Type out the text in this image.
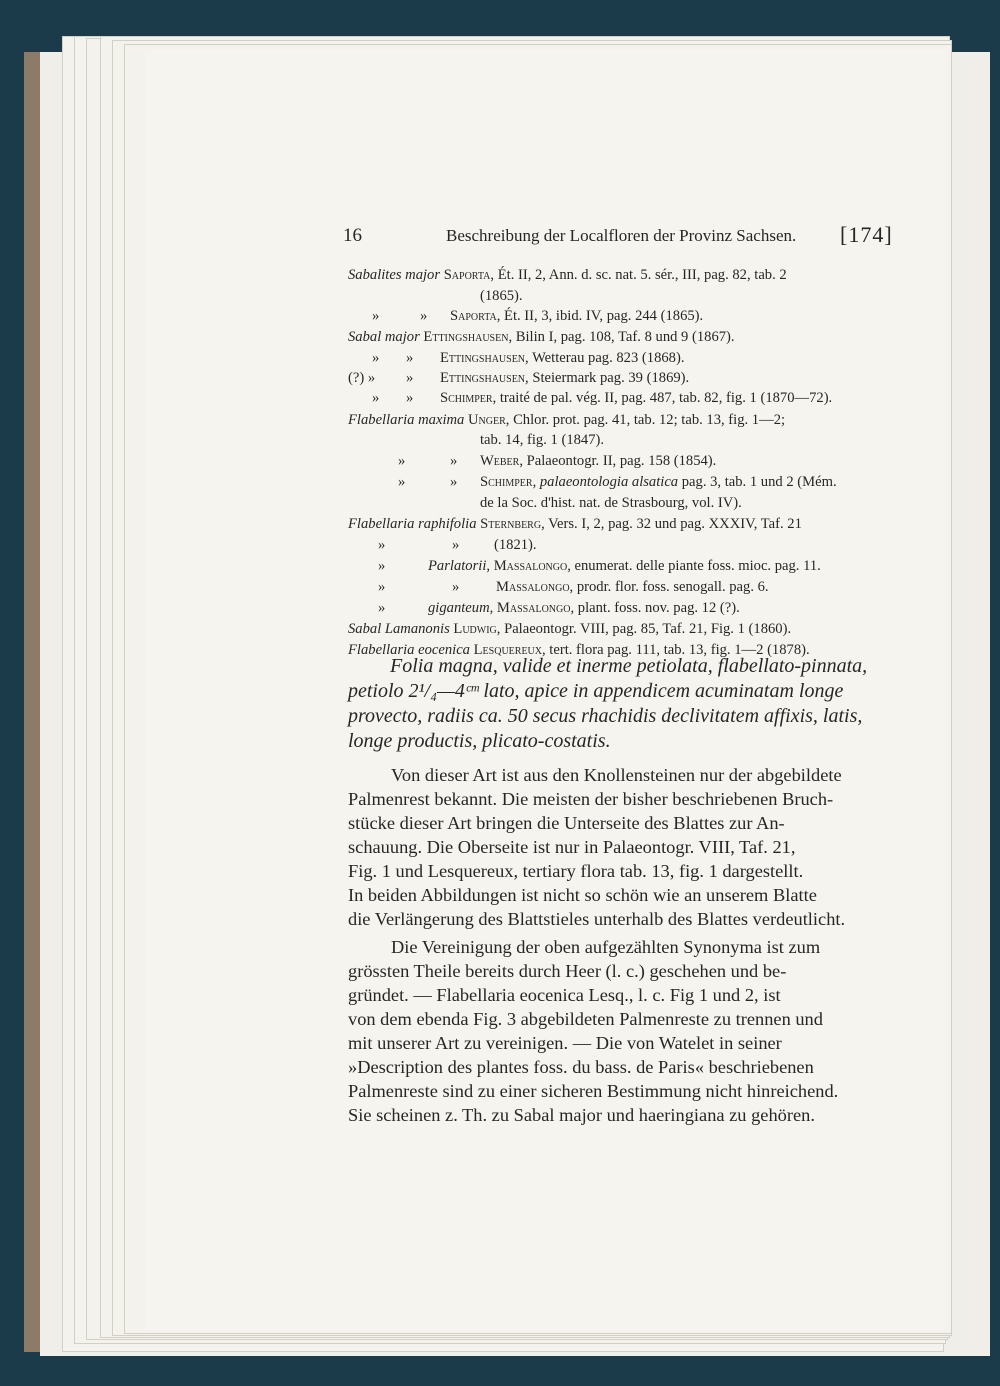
16	Beschreibung der Localfloren der Provinz Sachsen. [174]
Sabalites major Saporta, Ét. II, 2, Ann. d. sc. nat. 5. sér., III, pag. 82, tab. 2
(1865).
»	» Saporta, Ét. II, 3, ibid. IV, pag. 244 (1865).
Sabal major Ettingshausen, Bilin I, pag. 108, Taf. 8 und 9 (1867).
» » Ettingshausen, Wetterau pag. 823 (1868).
(?) » » Ettingshausen, Steiermark pag. 39 (1869).
» » Schimper, traité de pal. vég. II, pag. 487, tab. 82, fig. 1 (1870—72).
Flabellaria maxima Unger, Chlor. prot. pag. 41, tab. 12; tab. 13, fig. 1—2;
tab. 14, fig. 1 (1847).
»	» Weber, Palaeontogr. II, pag. 158 (1854).
»	» Schimper, palaeontologia alsatica pag. 3, tab. 1 und 2 (Mém.
de la Soc. d'hist. nat. de Strasbourg, vol. IV).
Flabellaria raphifolia Sternberg, Vers. I, 2, pag. 32 und pag. XXXIV, Taf. 21
»	» (1821).
»	Parlatorii, Massalongo, enumerat. delle piante foss. mioc. pag. 11.
»	»	Massalongo, prodr. flor. foss. senogall. pag. 6.
»	giganteum, Massalongo, plant. foss. nov. pag. 12 (?).
Sabal Lamanonis Ludwig, Palaeontogr. VIII, pag. 85, Taf. 21, Fig. 1 (1860).
Flabellaria eocenica Lesquereux, tert. flora pag. 111, tab. 13, fig. 1—2 (1878).
Folia magna, valide et inerme petiolata, flabellato-pinnata,
petiolo 2¹/₄—4ᶜᵐ lato, apice in appendicem acuminatam longe
provecto, radiis ca. 50 secus rhachidis declivitatem affixis, latis,
longe productis, plicato-costatis.
Von dieser Art ist aus den Knollensteinen nur der abgebildete
Palmenrest bekannt. Die meisten der bisher beschriebenen Bruch-
stücke dieser Art bringen die Unterseite des Blattes zur An-
schauung. Die Oberseite ist nur in Palaeontogr. VIII, Taf. 21,
Fig. 1 und Lesquereux, tertiary flora tab. 13, fig. 1 dargestellt.
In beiden Abbildungen ist nicht so schön wie an unserem Blatte
die Verlängerung des Blattstieles unterhalb des Blattes verdeutlicht.
Die Vereinigung der oben aufgezählten Synonyma ist zum
grössten Theile bereits durch Heer (l. c.) geschehen und be-
gründet. — Flabellaria eocenica Lesq., l. c. Fig 1 und 2, ist
von dem ebenda Fig. 3 abgebildeten Palmenreste zu trennen und
mit unserer Art zu vereinigen. — Die von Watelet in seiner
»Description des plantes foss. du bass. de Paris« beschriebenen
Palmenreste sind zu einer sicheren Bestimmung nicht hinreichend.
Sie scheinen z. Th. zu Sabal major und haeringiana zu gehören.
